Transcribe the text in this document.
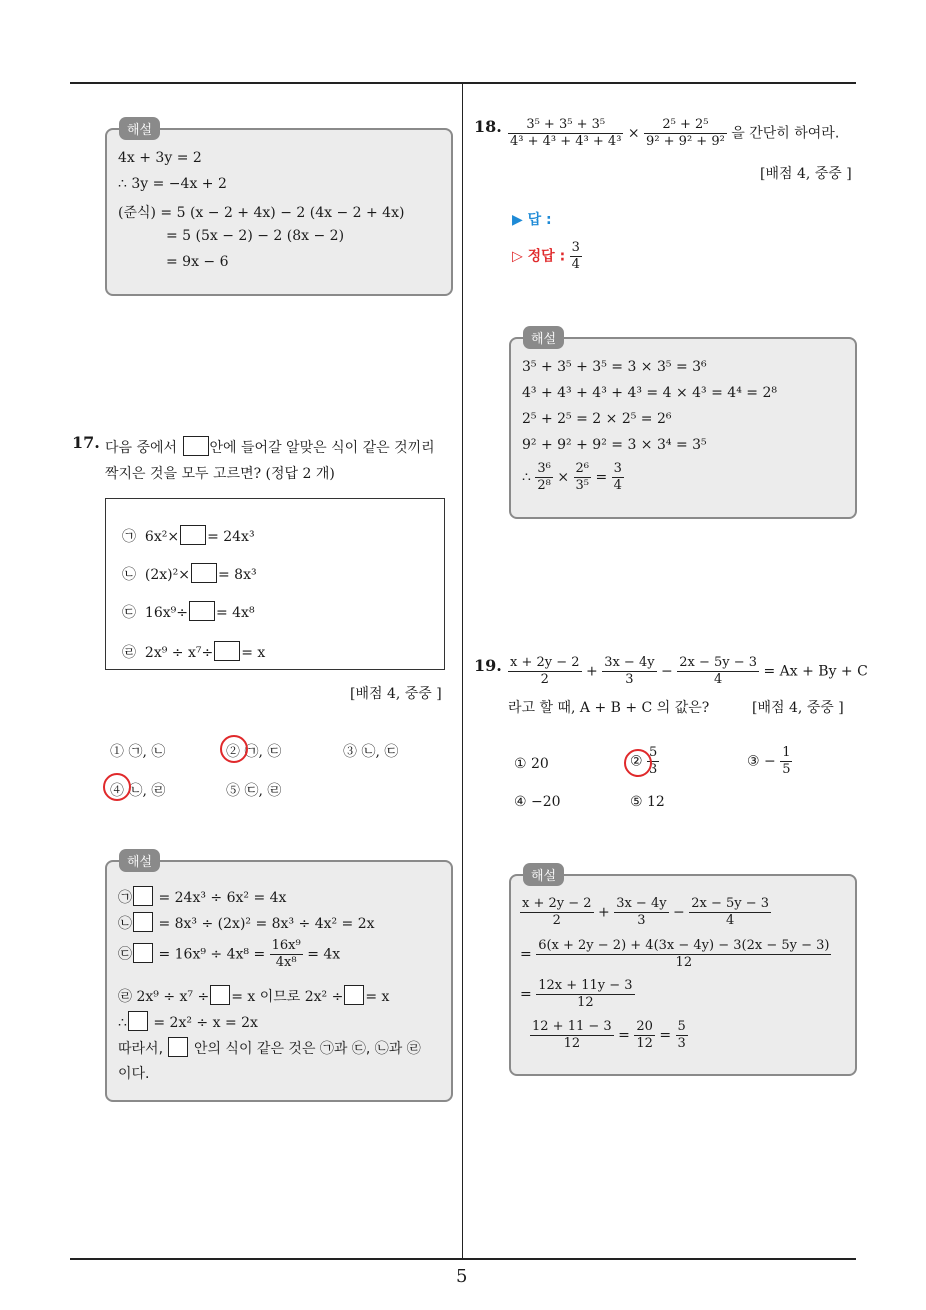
5
해설
4x + 3y = 2
∴ 3y = −4x + 2
(준식) = 5 (x − 2 + 4x) − 2 (4x − 2 + 4x)
= 5 (5x − 2) − 2 (8x − 2)
= 9x − 6
17. 다음 중에서 안에 들어갈 알맞은 식이 같은 것끼리
짝지은 것을 모두 고르면? (정답 2 개)
㉠ 6x²× = 24x³
㉡ (2x)²× = 8x³
㉢ 16x⁹÷ = 4x⁸
㉣ 2x⁹ ÷ x⁷÷ = x
[배점 4, 중중 ]
① ㉠, ㉡	② ㉠, ㉢	③ ㉡, ㉢
④ ㉡, ㉣	⑤ ㉢, ㉣
해설
㉠ = 24x³ ÷ 6x² = 4x
㉡ = 8x³ ÷ (2x)² = 8x³ ÷ 4x² = 2x
㉢ = $16x^9 \div 4x^8 = \frac{\text{16x⁹}}{\text{4x⁸}} = 4x$
㉣ 2x⁹ ÷ x⁷ ÷ = x 이므로 2x² ÷ = x
∴ = 2x² ÷ x = 2x
따라서, 안의 식이 같은 것은 ㉠과 ㉢, ㉡과 ㉣
이다.
18. $\frac{\text{3⁵ + 3⁵ + 3⁵}}{\text{4³ + 4³ + 4³ + 4³}} \times \frac{\text{2⁵ + 2⁵}}{\text{9² + 9² + 9²}}$ 을 간단히 하여라.
[배점 4, 중중 ]
▶ 답 :
▷ 정답 : $\frac{3}{4}$
해설
3⁵ + 3⁵ + 3⁵ = 3 × 3⁵ = 3⁶
4³ + 4³ + 4³ + 4³ = 4 × 4³ = 4⁴ = 2⁸
2⁵ + 2⁵ = 2 × 2⁵ = 2⁶
9² + 9² + 9² = 3 × 3⁴ = 3⁵
∴ $\frac{\text{3⁶}}{\text{2⁸}} \times \frac{\text{2⁶}}{\text{3⁵}} = \frac{3}{4}$
19. $\frac{x + 2y - 2}{2} + \frac{3x - 4y}{3} - \frac{2x - 5y - 3}{4} = Ax + By + C$
라고 할 때, A + B + C 의 값은?	[배점 4, 중중 ]
① 20	② $\frac{5}{3}$	③ − $\frac{1}{5}$
④ −20	⑤ 12
해설
$\frac{x + 2y - 2}{2} + \frac{3x - 4y}{3} - \frac{2x - 5y - 3}{4}$
= $\frac{6(x + 2y - 2) + 4(3x - 4y) - 3(2x - 5y - 3)}{12}$
= $\frac{12x + 11y - 3}{12}$
$\frac{12 + 11 - 3}{12} = \frac{20}{12} = \frac{5}{3}$
